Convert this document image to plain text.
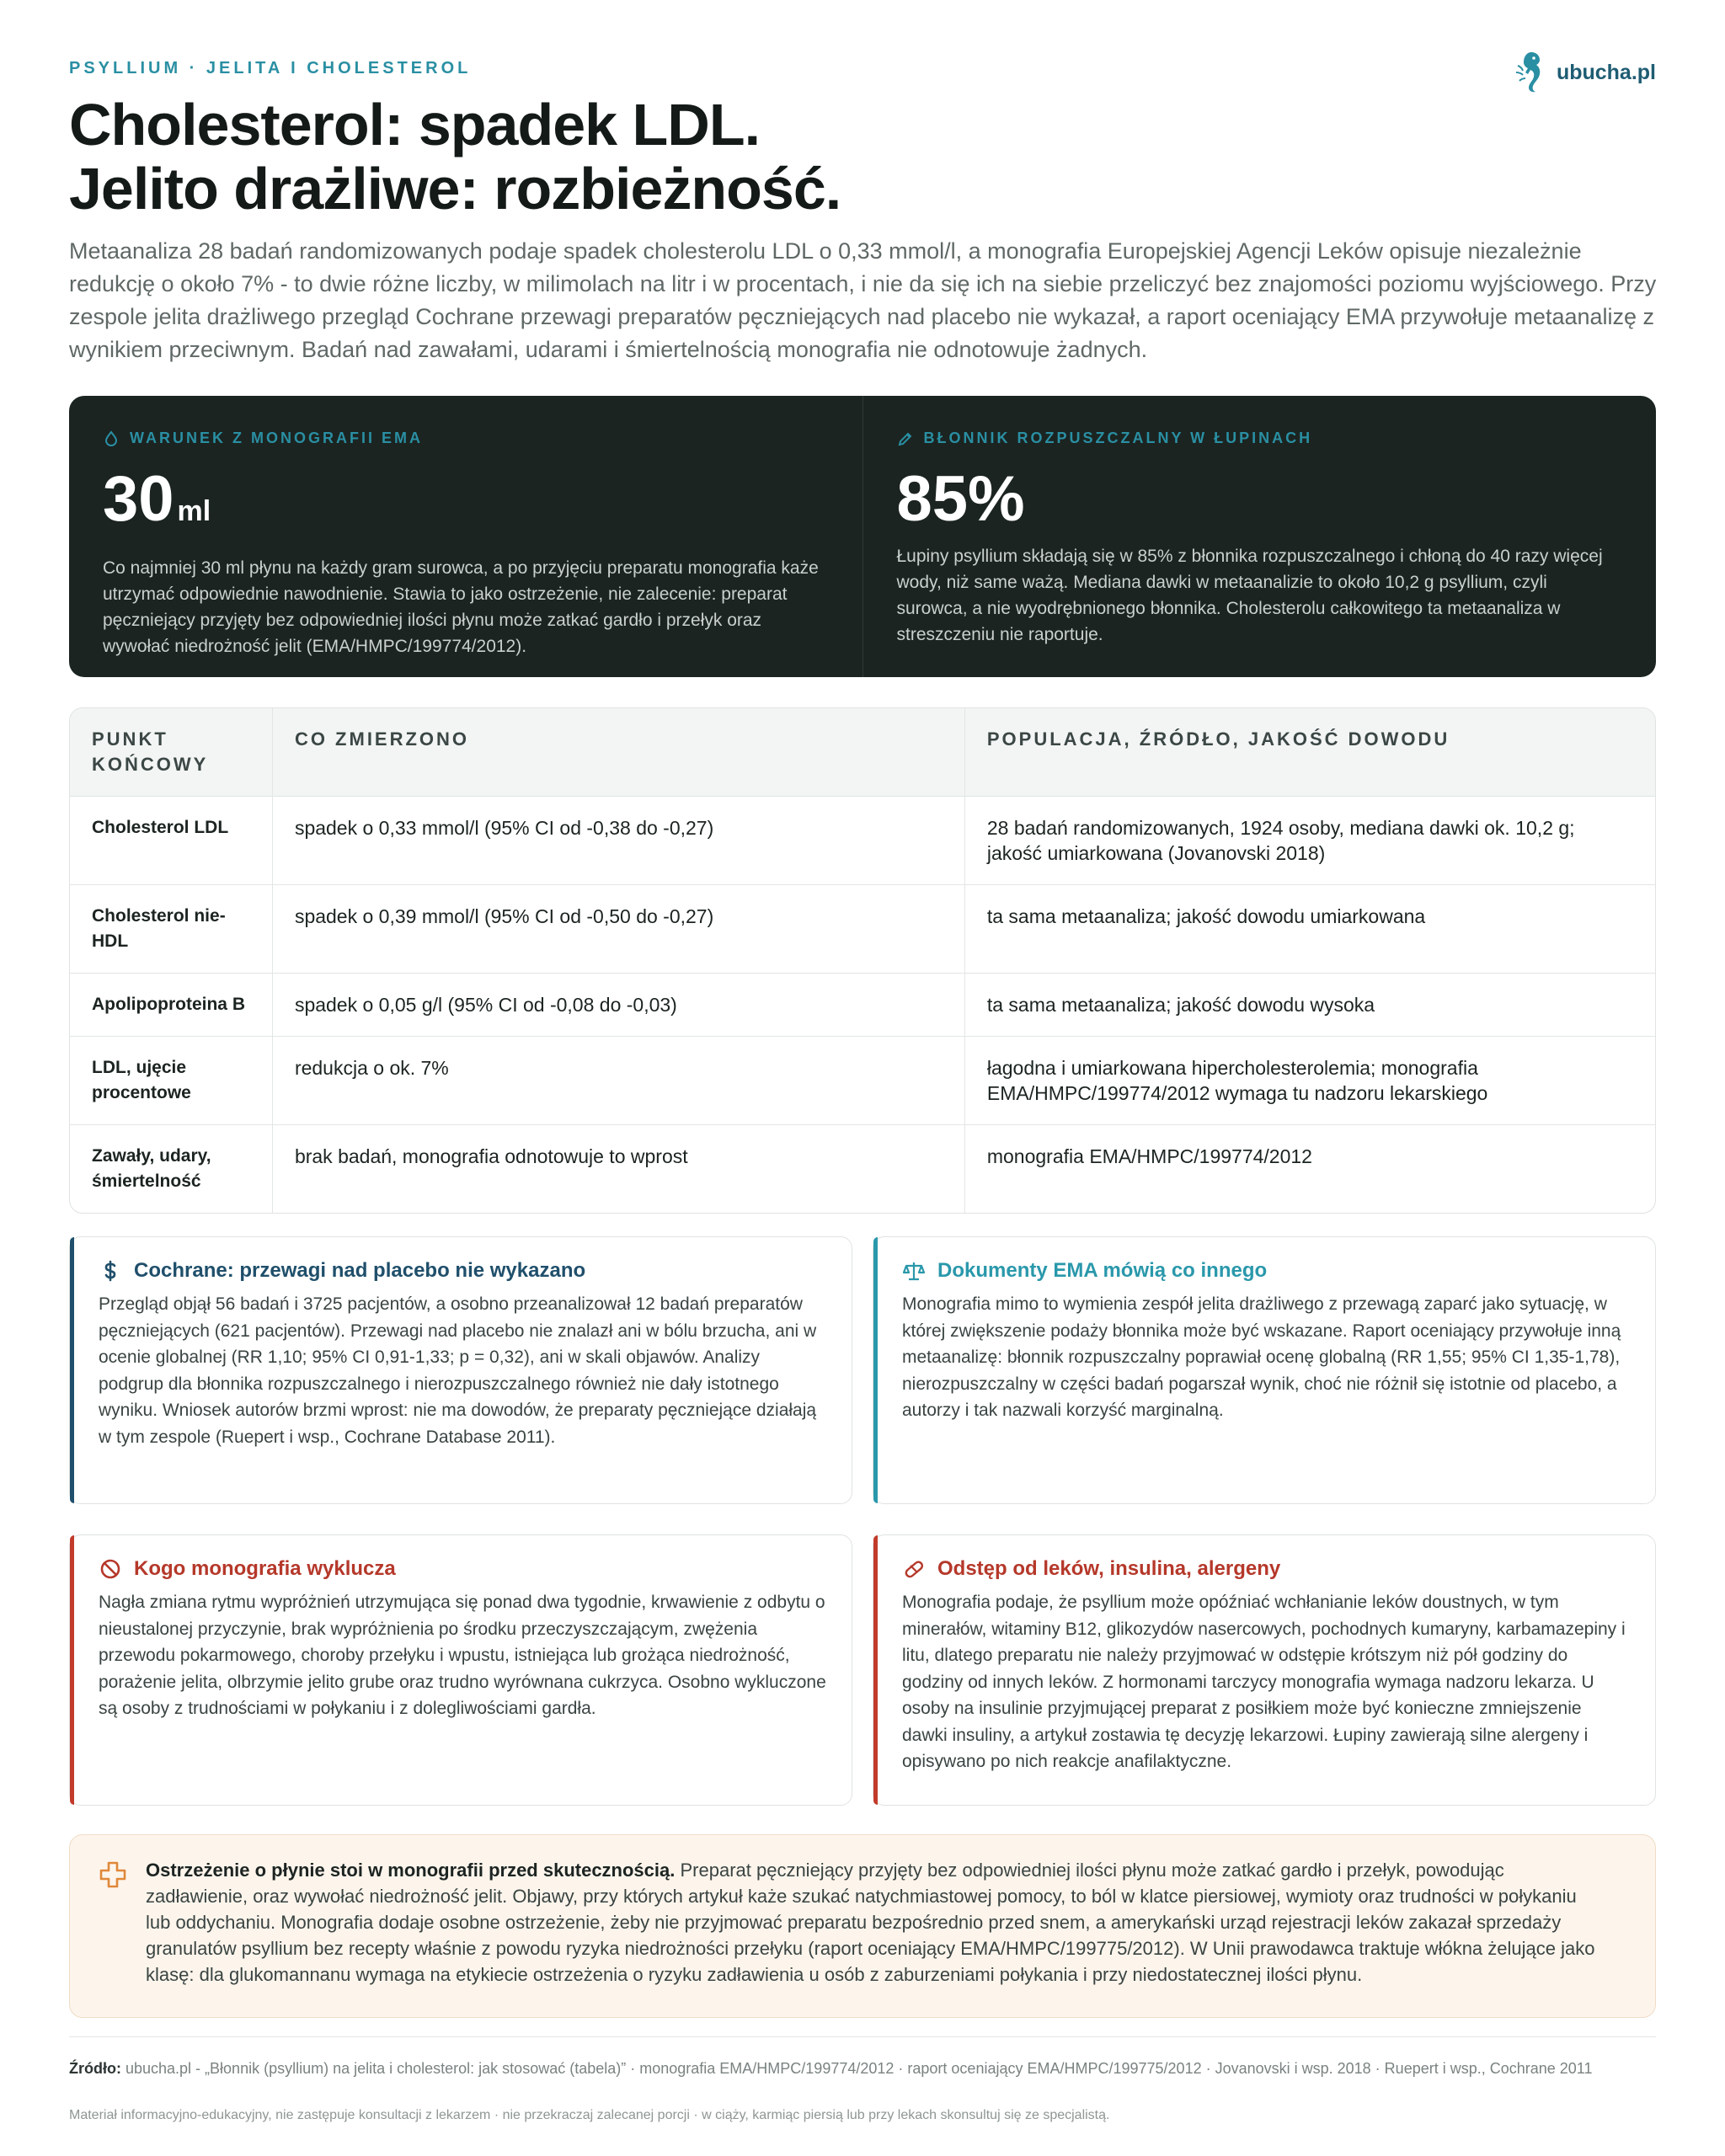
PSYLLIUM · JELITA I CHOLESTEROL	ubucha.pl
Cholesterol: spadek LDL.
Jelito drażliwe: rozbieżność.

Metaanaliza 28 badań randomizowanych podaje spadek cholesterolu LDL o 0,33 mmol/l, a monografia Europejskiej Agencji Leków opisuje niezależnie redukcję o około 7% - to dwie różne liczby, w milimolach na litr i w procentach, i nie da się ich na siebie przeliczyć bez znajomości poziomu wyjściowego. Przy zespole jelita drażliwego przegląd Cochrane przewagi preparatów pęczniejących nad placebo nie wykazał, a raport oceniający EMA przywołuje metaanalizę z wynikiem przeciwnym. Badań nad zawałami, udarami i śmiertelnością monografia nie odnotowuje żadnych.

WARUNEK Z MONOGRAFII EMA
30 ml

Co najmniej 30 ml płynu na każdy gram surowca, a po przyjęciu preparatu monografia każe utrzymać odpowiednie nawodnienie. Stawia to jako ostrzeżenie, nie zalecenie: preparat pęczniejący przyjęty bez odpowiedniej ilości płynu może zatkać gardło i przełyk oraz wywołać niedrożność jelit (EMA/HMPC/199774/2012).

BŁONNIK ROZPUSZCZALNY W ŁUPINACH
85%

Łupiny psyllium składają się w 85% z błonnika rozpuszczalnego i chłoną do 40 razy więcej wody, niż same ważą. Mediana dawki w metaanalizie to około 10,2 g psyllium, czyli surowca, a nie wyodrębnionego błonnika. Cholesterolu całkowitego ta metaanaliza w streszczeniu nie raportuje.

PUNKT KOŃCOWY	CO ZMIERZONO	POPULACJA, ŹRÓDŁO, JAKOŚĆ DOWODU
Cholesterol LDL	spadek o 0,33 mmol/l (95% CI od -0,38 do -0,27)	28 badań randomizowanych, 1924 osoby, mediana dawki ok. 10,2 g; jakość umiarkowana (Jovanovski 2018)
Cholesterol nie-HDL	spadek o 0,39 mmol/l (95% CI od -0,50 do -0,27)	ta sama metaanaliza; jakość dowodu umiarkowana
Apolipoproteina B	spadek o 0,05 g/l (95% CI od -0,08 do -0,03)	ta sama metaanaliza; jakość dowodu wysoka
LDL, ujęcie procentowe	redukcja o ok. 7%	łagodna i umiarkowana hipercholesterolemia; monografia EMA/HMPC/199774/2012 wymaga tu nadzoru lekarskiego
Zawały, udary, śmiertelność	brak badań, monografia odnotowuje to wprost	monografia EMA/HMPC/199774/2012
Cochrane: przewagi nad placebo nie wykazano

Przegląd objął 56 badań i 3725 pacjentów, a osobno przeanalizował 12 badań preparatów pęczniejących (621 pacjentów). Przewagi nad placebo nie znalazł ani w bólu brzucha, ani w ocenie globalnej (RR 1,10; 95% CI 0,91-1,33; p = 0,32), ani w skali objawów. Analizy podgrup dla błonnika rozpuszczalnego i nierozpuszczalnego również nie dały istotnego wyniku. Wniosek autorów brzmi wprost: nie ma dowodów, że preparaty pęczniejące działają w tym zespole (Ruepert i wsp., Cochrane Database 2011).

Dokumenty EMA mówią co innego

Monografia mimo to wymienia zespół jelita drażliwego z przewagą zaparć jako sytuację, w której zwiększenie podaży błonnika może być wskazane. Raport oceniający przywołuje inną metaanalizę: błonnik rozpuszczalny poprawiał ocenę globalną (RR 1,55; 95% CI 1,35-1,78), nierozpuszczalny w części badań pogarszał wynik, choć nie różnił się istotnie od placebo, a autorzy i tak nazwali korzyść marginalną.

Kogo monografia wyklucza

Nagła zmiana rytmu wypróżnień utrzymująca się ponad dwa tygodnie, krwawienie z odbytu o nieustalonej przyczynie, brak wypróżnienia po środku przeczyszczającym, zwężenia przewodu pokarmowego, choroby przełyku i wpustu, istniejąca lub grożąca niedrożność, porażenie jelita, olbrzymie jelito grube oraz trudno wyrównana cukrzyca. Osobno wykluczone są osoby z trudnościami w połykaniu i z dolegliwościami gardła.

Odstęp od leków, insulina, alergeny

Monografia podaje, że psyllium może opóźniać wchłanianie leków doustnych, w tym minerałów, witaminy B12, glikozydów nasercowych, pochodnych kumaryny, karbamazepiny i litu, dlatego preparatu nie należy przyjmować w odstępie krótszym niż pół godziny do godziny od innych leków. Z hormonami tarczycy monografia wymaga nadzoru lekarza. U osoby na insulinie przyjmującej preparat z posiłkiem może być konieczne zmniejszenie dawki insuliny, a artykuł zostawia tę decyzję lekarzowi. Łupiny zawierają silne alergeny i opisywano po nich reakcje anafilaktyczne.

Ostrzeżenie o płynie stoi w monografii przed skutecznością. Preparat pęczniejący przyjęty bez odpowiedniej ilości płynu może zatkać gardło i przełyk, powodując zadławienie, oraz wywołać niedrożność jelit. Objawy, przy których artykuł każe szukać natychmiastowej pomocy, to ból w klatce piersiowej, wymioty oraz trudności w połykaniu lub oddychaniu. Monografia dodaje osobne ostrzeżenie, żeby nie przyjmować preparatu bezpośrednio przed snem, a amerykański urząd rejestracji leków zakazał sprzedaży granulatów psyllium bez recepty właśnie z powodu ryzyka niedrożności przełyku (raport oceniający EMA/HMPC/199775/2012). W Unii prawodawca traktuje włókna żelujące jako klasę: dla glukomannanu wymaga na etykiecie ostrzeżenia o ryzyku zadławienia u osób z zaburzeniami połykania i przy niedostatecznej ilości płynu.

Źródło: ubucha.pl - „Błonnik (psyllium) na jelita i cholesterol: jak stosować (tabela)” · monografia EMA/HMPC/199774/2012 · raport oceniający EMA/HMPC/199775/2012 · Jovanovski i wsp. 2018 · Ruepert i wsp., Cochrane 2011

Materiał informacyjno-edukacyjny, nie zastępuje konsultacji z lekarzem · nie przekraczaj zalecanej porcji · w ciąży, karmiąc piersią lub przy lekach skonsultuj się ze specjalistą.
